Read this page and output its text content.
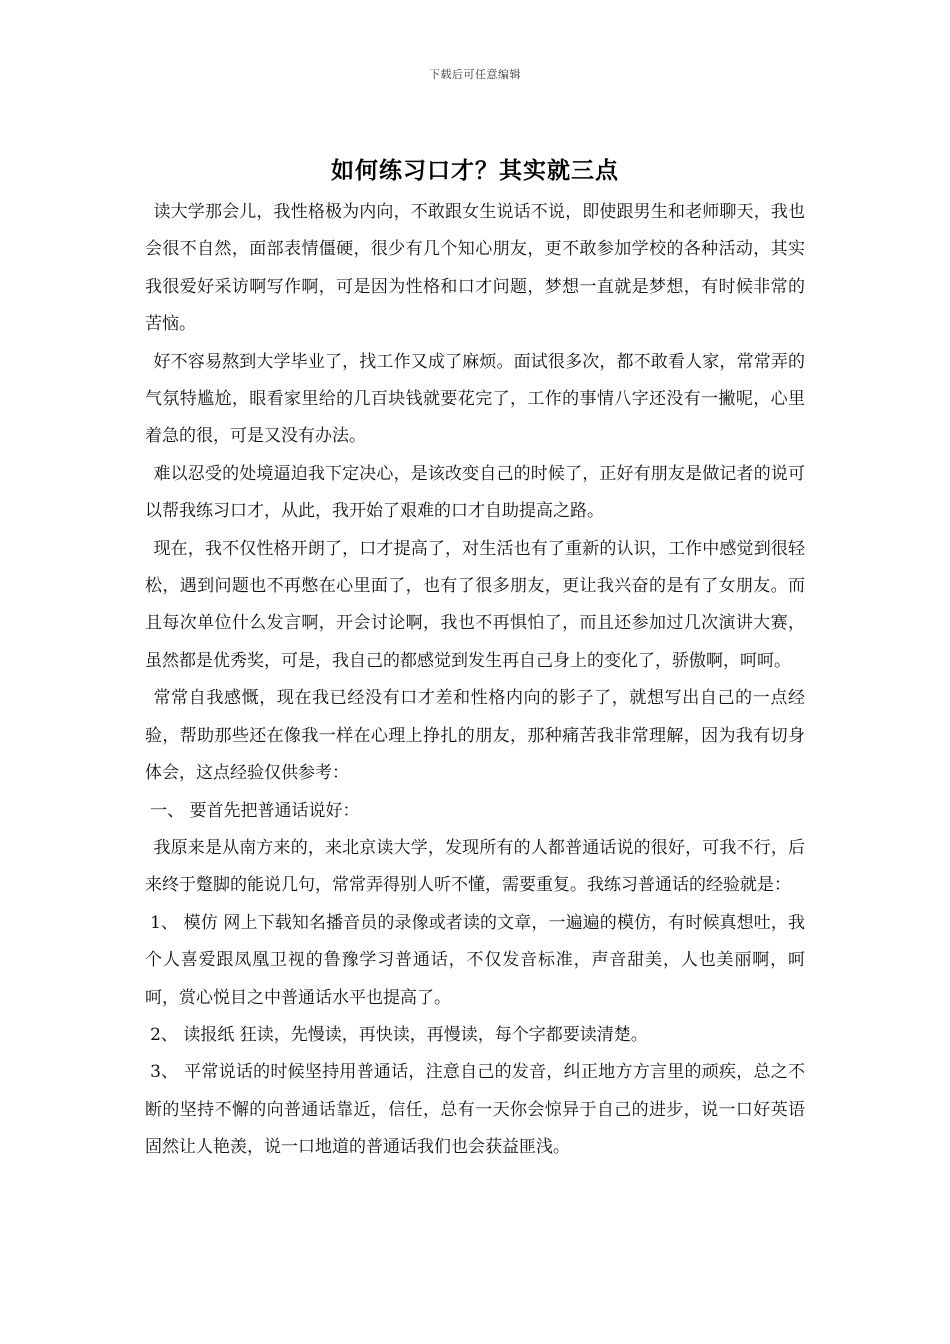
下载后可任意编辑
如何练习口才？其实就三点

读大学那会儿，我性格极为内向，不敢跟女生说话不说，即使跟男生和老师聊天，我也会很不自然，面部表情僵硬，很少有几个知心朋友，更不敢参加学校的各种活动，其实我很爱好采访啊写作啊，可是因为性格和口才问题，梦想一直就是梦想，有时候非常的苦恼。

好不容易熬到大学毕业了，找工作又成了麻烦。面试很多次，都不敢看人家，常常弄的气氛特尴尬，眼看家里给的几百块钱就要花完了，工作的事情八字还没有一撇呢，心里着急的很，可是又没有办法。

难以忍受的处境逼迫我下定决心，是该改变自己的时候了，正好有朋友是做记者的说可以帮我练习口才，从此，我开始了艰难的口才自助提高之路。

现在，我不仅性格开朗了，口才提高了，对生活也有了重新的认识，工作中感觉到很轻松，遇到问题也不再憋在心里面了，也有了很多朋友，更让我兴奋的是有了女朋友。而且每次单位什么发言啊，开会讨论啊，我也不再惧怕了，而且还参加过几次演讲大赛，虽然都是优秀奖，可是，我自己的都感觉到发生再自己身上的变化了，骄傲啊，呵呵。

常常自我感慨，现在我已经没有口才差和性格内向的影子了，就想写出自己的一点经验，帮助那些还在像我一样在心理上挣扎的朋友，那种痛苦我非常理解，因为我有切身体会，这点经验仅供参考：

一、 要首先把普通话说好：

我原来是从南方来的，来北京读大学，发现所有的人都普通话说的很好，可我不行，后来终于蹩脚的能说几句，常常弄得别人听不懂，需要重复。我练习普通话的经验就是：

1、 模仿 网上下载知名播音员的录像或者读的文章，一遍遍的模仿，有时候真想吐，我个人喜爱跟凤凰卫视的鲁豫学习普通话，不仅发音标准，声音甜美，人也美丽啊，呵呵，赏心悦目之中普通话水平也提高了。

2、 读报纸 狂读，先慢读，再快读，再慢读，每个字都要读清楚。

3、 平常说话的时候坚持用普通话，注意自己的发音，纠正地方方言里的顽疾，总之不断的坚持不懈的向普通话靠近，信任，总有一天你会惊异于自己的进步，说一口好英语固然让人艳羡，说一口地道的普通话我们也会获益匪浅。
